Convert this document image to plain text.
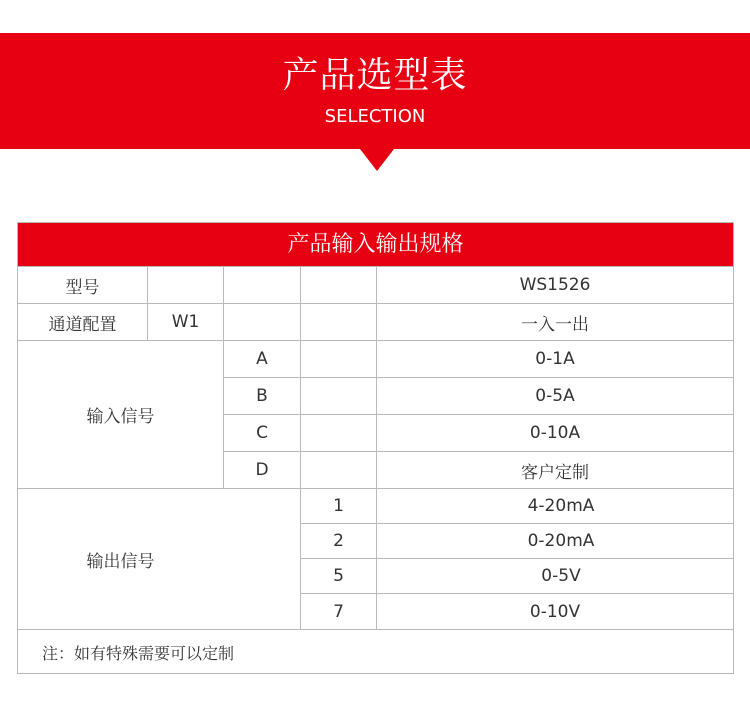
产品选型表
SELECTION
产品输入输出规格
型号	WS1526
通道配置	W1	一入一出
输入信号
A	0-1A
B	0-5A
C	0-10A
D	客户定制
输出信号
1	4-20mA
2	0-20mA
5	0-5V
7	0-10V
注：如有特殊需要可以定制
